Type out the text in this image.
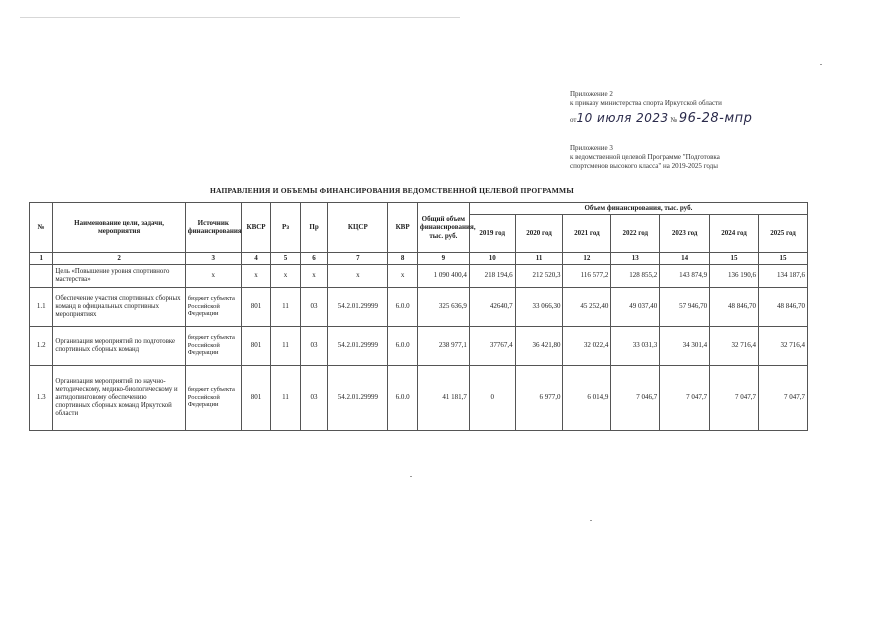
Приложение 2
к приказу министерства спорта Иркутской области
от10 июля 2023 № 96-28-мпр
Приложение 3
к ведомственной целевой Программе "Подготовка
спортсменов высокого класса" на 2019-2025 годы
НАПРАВЛЕНИЯ И ОБЪЕМЫ ФИНАНСИРОВАНИЯ ВЕДОМСТВЕННОЙ ЦЕЛЕВОЙ ПРОГРАММЫ
№	Наименование цели, задачи, мероприятия	Источник финансирования	КВСР	Рз	Пр	КЦСР	КВР	Общий объем финансирования, тыс. руб.	Объем финансирования, тыс. руб.						
									2019 год	2020 год	2021 год	2022 год	2023 год	2024 год	2025 год
1	2	3	4	5	6	7	8	9	10	11	12	13	14	15	15
	Цель «Повышение уровня спортивного мастерства»	х	х	х	х	х	х	1 090 400,4	218 194,6	212 520,3	116 577,2	128 855,2	143 874,9	136 190,6	134 187,6
1.1	Обеспечение участия спортивных сборных команд в официальных спортивных мероприятиях	бюджет субъекта Российской Федерации	801	11	03	54.2.01.29999	6.0.0	325 636,9	42640,7	33 066,30	45 252,40	49 037,40	57 946,70	48 846,70	48 846,70
1.2	Организация мероприятий по подготовке спортивных сборных команд	бюджет субъекта Российской Федерации	801	11	03	54.2.01.29999	6.0.0	238 977,1	37767,4	36 421,80	32 022,4	33 031,3	34 301,4	32 716,4	32 716,4
1.3	Организация мероприятий по научно-методическому, медико-биологическому и антидопинговому обеспечению спортивных сборных команд Иркутской области	бюджет субъекта Российской Федерации	801	11	03	54.2.01.29999	6.0.0	41 181,7	0	6 977,0	6 014,9	7 046,7	7 047,7	7 047,7	7 047,7
